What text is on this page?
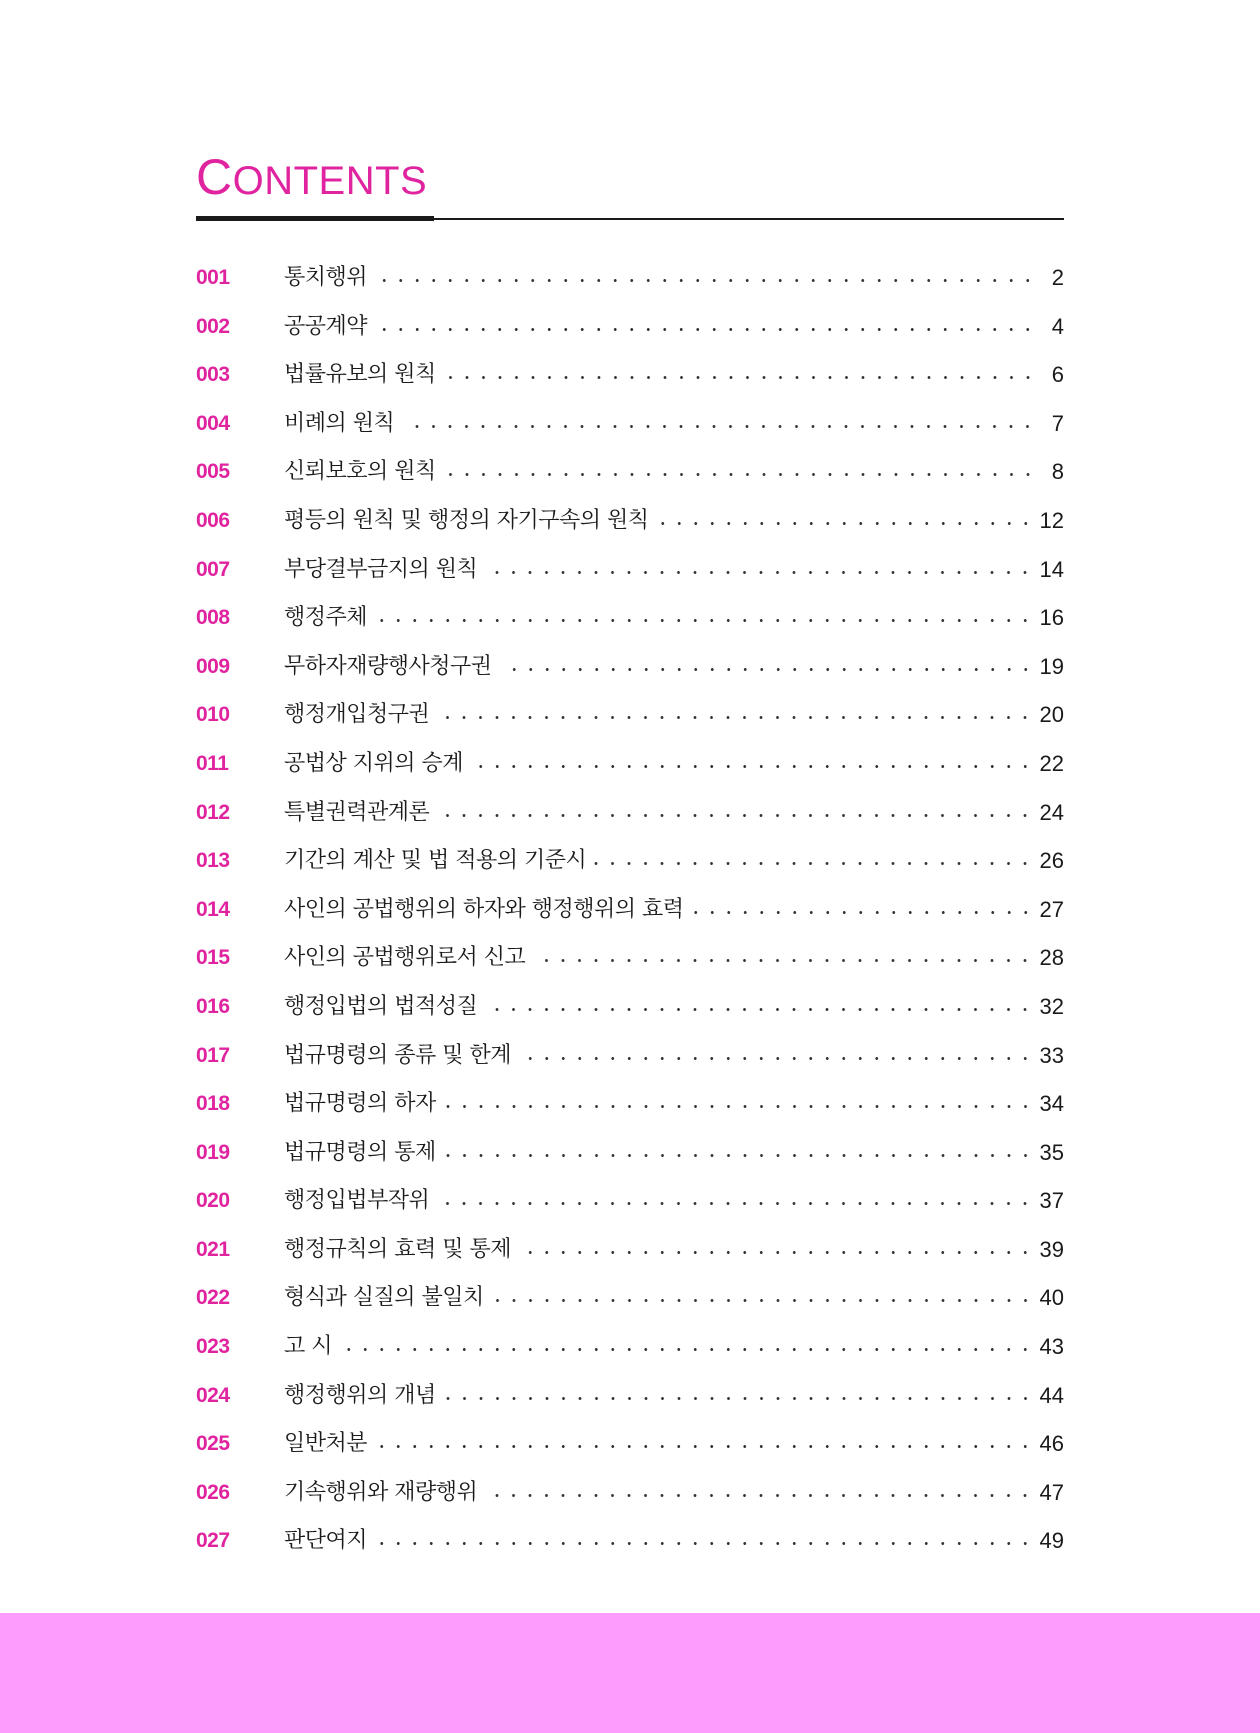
CONTENTS
001	통치행위	2
002	공공계약	4
003	법률유보의 원칙	6
004	비례의 원칙	7
005	신뢰보호의 원칙	8
006	평등의 원칙 및 행정의 자기구속의 원칙	12
007	부당결부금지의 원칙	14
008	행정주체	16
009	무하자재량행사청구권	19
010	행정개입청구권	20
011	공법상 지위의 승계	22
012	특별권력관계론	24
013	기간의 계산 및 법 적용의 기준시	26
014	사인의 공법행위의 하자와 행정행위의 효력	27
015	사인의 공법행위로서 신고	28
016	행정입법의 법적성질	32
017	법규명령의 종류 및 한계	33
018	법규명령의 하자	34
019	법규명령의 통제	35
020	행정입법부작위	37
021	행정규칙의 효력 및 통제	39
022	형식과 실질의 불일치	40
023	고 시	43
024	행정행위의 개념	44
025	일반처분	46
026	기속행위와 재량행위	47
027	판단여지	49
